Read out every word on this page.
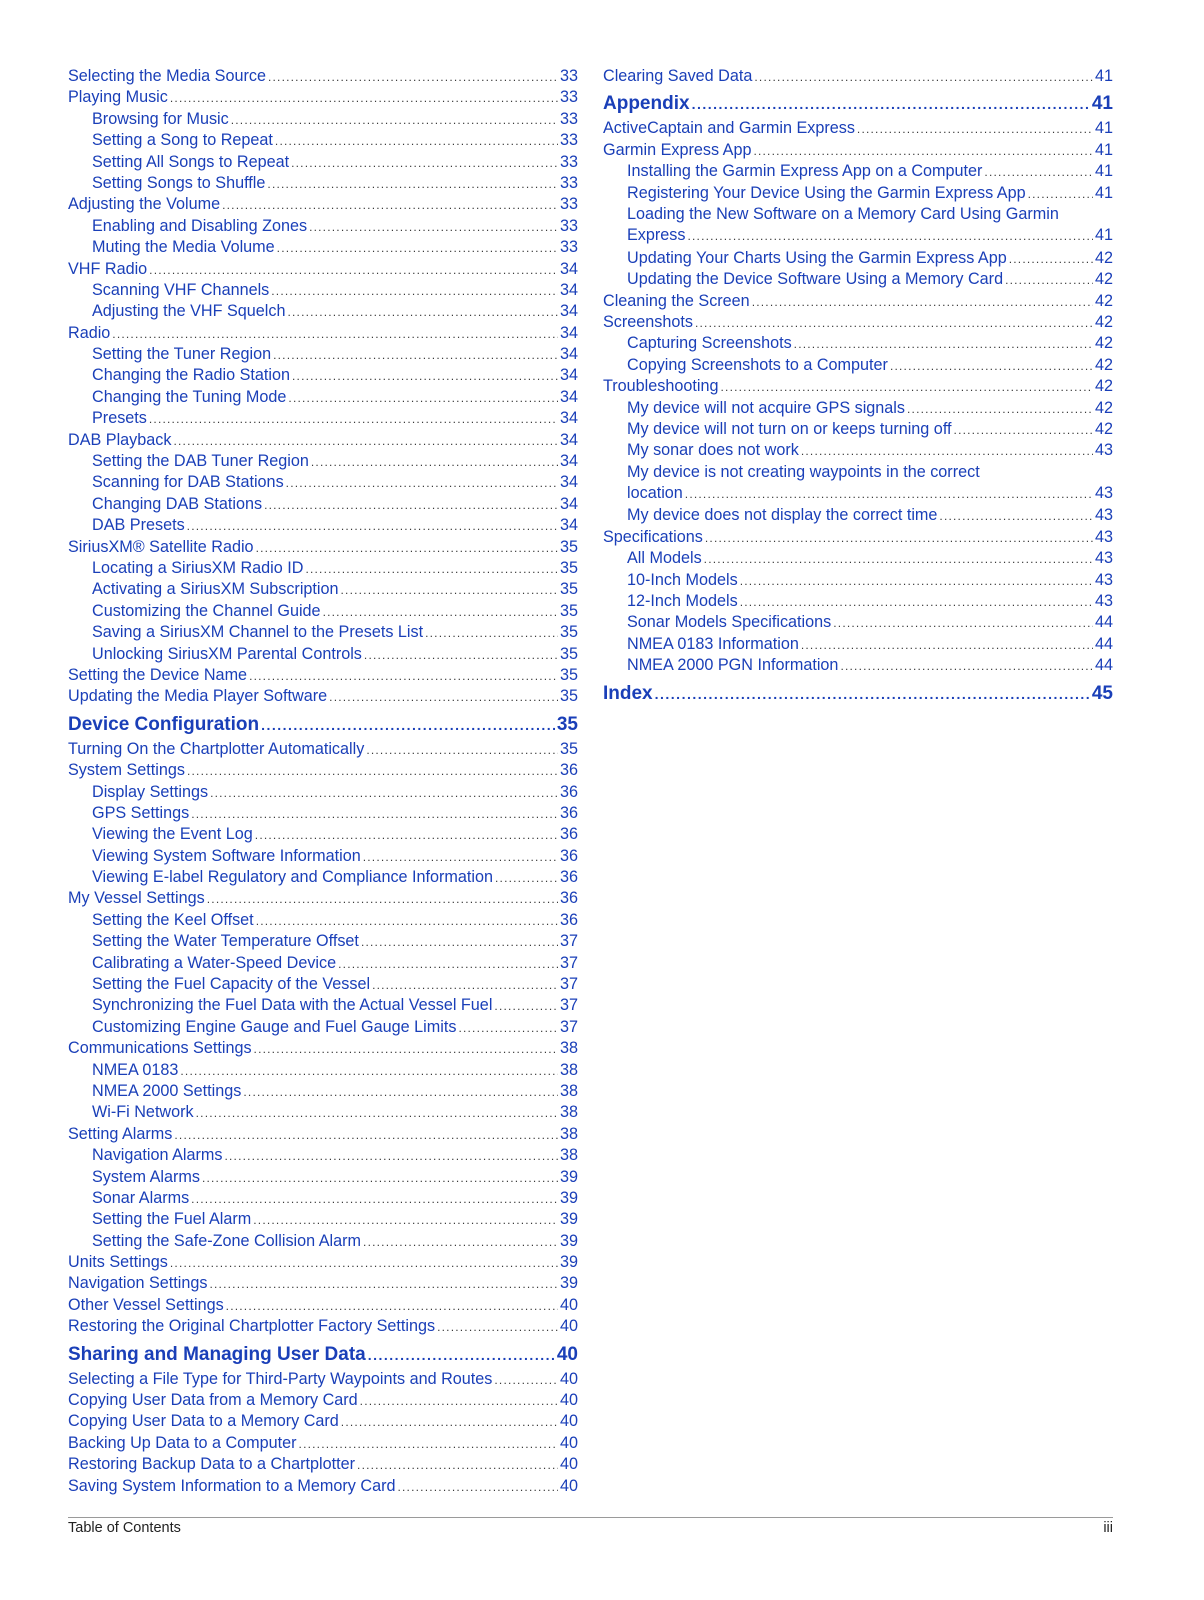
Selecting the Media Source .....	33
Playing Music .....	33
Browsing for Music .....	33
Setting a Song to Repeat .....	33
Setting All Songs to Repeat .....	33
Setting Songs to Shuffle .....	33
Adjusting the Volume .....	33
Enabling and Disabling Zones .....	33
Muting the Media Volume .....	33
VHF Radio .....	34
Scanning VHF Channels .....	34
Adjusting the VHF Squelch .....	34
Radio .....	34
Setting the Tuner Region .....	34
Changing the Radio Station .....	34
Changing the Tuning Mode .....	34
Presets .....	34
DAB Playback .....	34
Setting the DAB Tuner Region .....	34
Scanning for DAB Stations .....	34
Changing DAB Stations .....	34
DAB Presets .....	34
SiriusXM® Satellite Radio .....	35
Locating a SiriusXM Radio ID .....	35
Activating a SiriusXM Subscription .....	35
Customizing the Channel Guide .....	35
Saving a SiriusXM Channel to the Presets List .....	35
Unlocking SiriusXM Parental Controls .....	35
Setting the Device Name .....	35
Updating the Media Player Software .....	35
Device Configuration .....	35
Turning On the Chartplotter Automatically .....	35
System Settings .....	36
Display Settings .....	36
GPS Settings .....	36
Viewing the Event Log .....	36
Viewing System Software Information .....	36
Viewing E-label Regulatory and Compliance Information .....	36
My Vessel Settings .....	36
Setting the Keel Offset .....	36
Setting the Water Temperature Offset .....	37
Calibrating a Water-Speed Device .....	37
Setting the Fuel Capacity of the Vessel .....	37
Synchronizing the Fuel Data with the Actual Vessel Fuel .....	37
Customizing Engine Gauge and Fuel Gauge Limits .....	37
Communications Settings .....	38
NMEA 0183 .....	38
NMEA 2000 Settings .....	38
Wi-Fi Network .....	38
Setting Alarms .....	38
Navigation Alarms .....	38
System Alarms .....	39
Sonar Alarms .....	39
Setting the Fuel Alarm .....	39
Setting the Safe-Zone Collision Alarm .....	39
Units Settings .....	39
Navigation Settings .....	39
Other Vessel Settings .....	40
Restoring the Original Chartplotter Factory Settings .....	40
Sharing and Managing User Data .....	40
Selecting a File Type for Third-Party Waypoints and Routes .....	40
Copying User Data from a Memory Card .....	40
Copying User Data to a Memory Card .....	40
Backing Up Data to a Computer .....	40
Restoring Backup Data to a Chartplotter .....	40
Saving System Information to a Memory Card .....	40
Clearing Saved Data .....	41
Appendix .....	41
ActiveCaptain and Garmin Express .....	41
Garmin Express App .....	41
Installing the Garmin Express App on a Computer .....	41
Registering Your Device Using the Garmin Express App .....	41
Loading the New Software on a Memory Card Using Garmin
Express .....	41
Updating Your Charts Using the Garmin Express App .....	42
Updating the Device Software Using a Memory Card .....	42
Cleaning the Screen .....	42
Screenshots .....	42
Capturing Screenshots .....	42
Copying Screenshots to a Computer .....	42
Troubleshooting .....	42
My device will not acquire GPS signals .....	42
My device will not turn on or keeps turning off .....	42
My sonar does not work .....	43
My device is not creating waypoints in the correct
location .....	43
My device does not display the correct time .....	43
Specifications .....	43
All Models .....	43
10-Inch Models .....	43
12-Inch Models .....	43
Sonar Models Specifications .....	44
NMEA 0183 Information .....	44
NMEA 2000 PGN Information .....	44
Index .....	45
Table of Contents	iii
